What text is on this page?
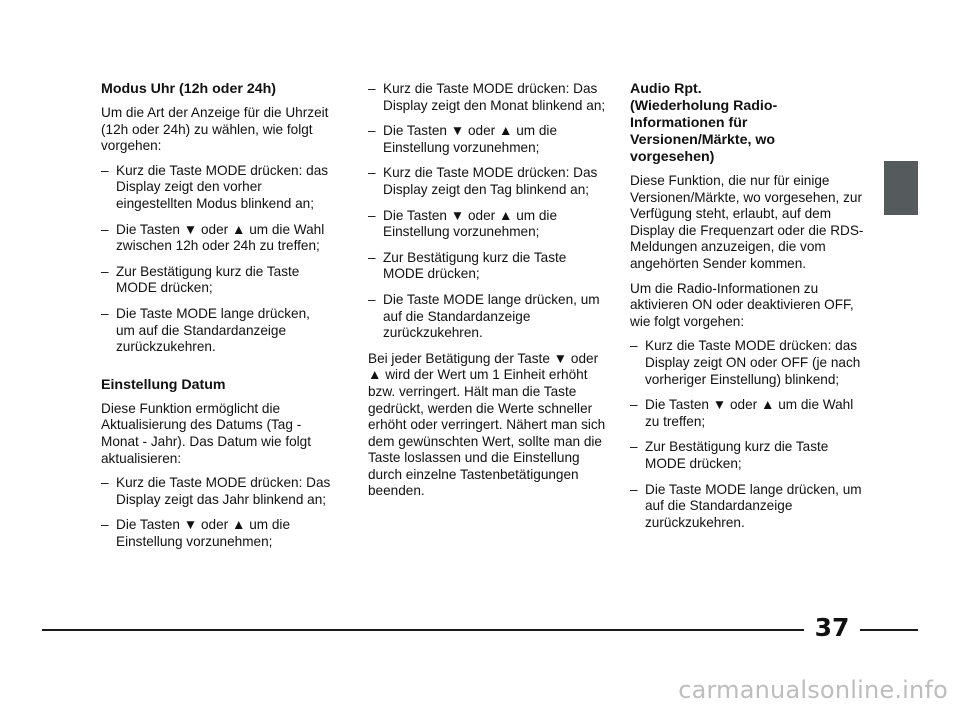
Modus Uhr (12h oder 24h)

Um die Art der Anzeige für die Uhrzeit (12h oder 24h) zu wählen, wie folgt vorgehen:

– Kurz die Taste MODE drücken: das Display zeigt den vorher eingestellten Modus blinkend an;
– Die Tasten ▼ oder ▲ um die Wahl zwischen 12h oder 24h zu treffen;
– Zur Bestätigung kurz die Taste MODE drücken;
– Die Taste MODE lange drücken, um auf die Standardanzeige zurückzukehren.
Einstellung Datum

Diese Funktion ermöglicht die Aktualisierung des Datums (Tag - Monat - Jahr). Das Datum wie folgt aktualisieren:

– Kurz die Taste MODE drücken: Das Display zeigt das Jahr blinkend an;
– Die Tasten ▼ oder ▲ um die Einstellung vorzunehmen;
– Kurz die Taste MODE drücken: Das Display zeigt den Monat blinkend an;
– Die Tasten ▼ oder ▲ um die Einstellung vorzunehmen;
– Kurz die Taste MODE drücken: Das Display zeigt den Tag blinkend an;
– Die Tasten ▼ oder ▲ um die Einstellung vorzunehmen;
– Zur Bestätigung kurz die Taste MODE drücken;
– Die Taste MODE lange drücken, um auf die Standardanzeige zurückzukehren.

Bei jeder Betätigung der Taste ▼ oder ▲ wird der Wert um 1 Einheit erhöht bzw. verringert. Hält man die Taste gedrückt, werden die Werte schneller erhöht oder verringert. Nähert man sich dem gewünschten Wert, sollte man die Taste loslassen und die Einstellung durch einzelne Tastenbetätigungen beenden.

Audio Rpt. (Wiederholung Radio-Informationen für Versionen/Märkte, wo vorgesehen)

Diese Funktion, die nur für einige Versionen/Märkte, wo vorgesehen, zur Verfügung steht, erlaubt, auf dem Display die Frequenzart oder die RDS-Meldungen anzuzeigen, die vom angehörten Sender kommen.

Um die Radio-Informationen zu aktivieren ON oder deaktivieren OFF, wie folgt vorgehen:

– Kurz die Taste MODE drücken: das Display zeigt ON oder OFF (je nach vorheriger Einstellung) blinkend;
– Die Tasten ▼ oder ▲ um die Wahl zu treffen;
– Zur Bestätigung kurz die Taste MODE drücken;
– Die Taste MODE lange drücken, um auf die Standardanzeige zurückzukehren.
37
carmanualsonline.info
